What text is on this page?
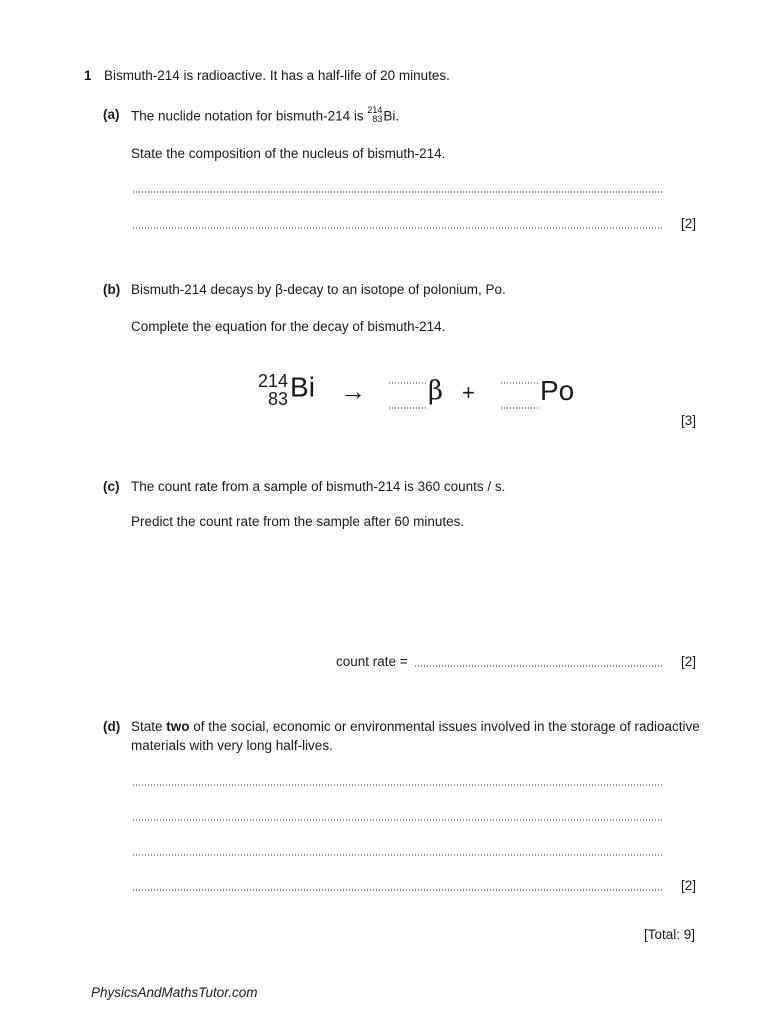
1 Bismuth-214 is radioactive. It has a half-life of 20 minutes.
(a) The nuclide notation for bismuth-214 is 214
83 Bi.
State the composition of the nucleus of bismuth-214.
[2]
(b) Bismuth-214 decays by β-decay to an isotope of polonium, Po.
Complete the equation for the decay of bismuth-214.
214
83 Bi → β + Po
[3]
(c) The count rate from a sample of bismuth-214 is 360 counts / s.
Predict the count rate from the sample after 60 minutes.
count rate =	[2]
(d) State two of the social, economic or environmental issues involved in the storage of radioactive
materials with very long half-lives.
[2]
[Total: 9]
PhysicsAndMathsTutor.com
